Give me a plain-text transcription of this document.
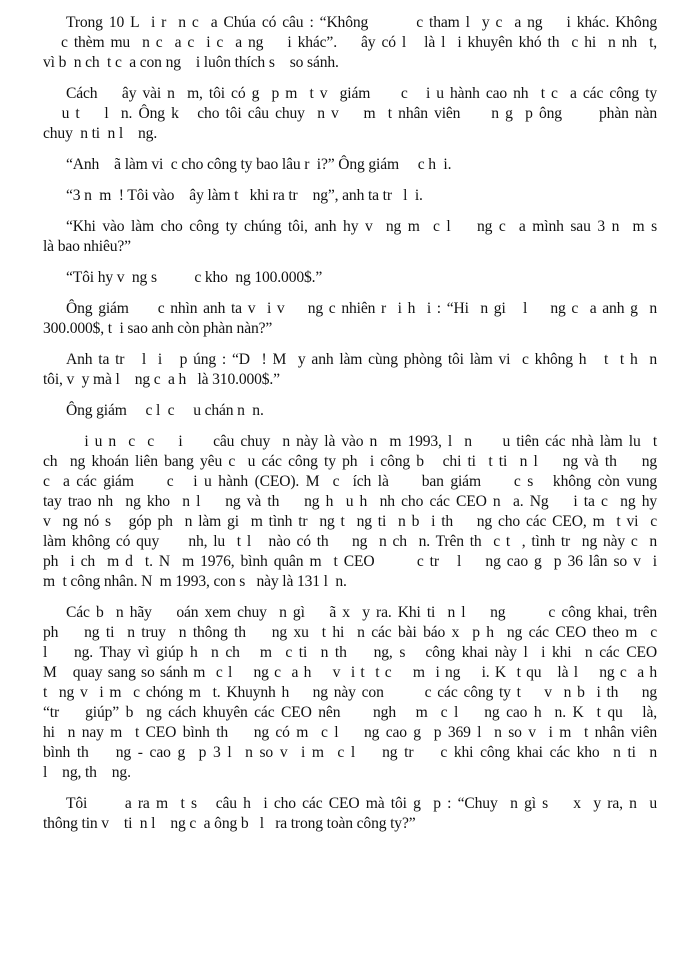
Trong 10 L  i r  n c  a Chúa có câu : “Không        c tham l  y c  a ng    i khác. Không
c thèm mu  n c  a c  i c  a ng    i khác”.    ây có l   là l  i khuyên khó th  c hi  n nh  t,
vì b  n ch  t c  a con ng    i luôn thích s    so sánh.
Cách    ây vài n  m, tôi có g  p m  t v  giám     c   i u hành cao nh  t c  a các công ty
u t    l  n. Ông k   cho tôi câu chuy  n v    m  t nhân viên     n g  p ông      phàn nàn
chuy  n ti  n l    ng.
“Anh    ã làm vi  c cho công ty bao lâu r  i?” Ông giám     c h  i.
“3 n  m  ! Tôi vào    ây làm t   khi ra tr    ng”, anh ta tr   l  i.
“Khi vào làm cho công ty chúng tôi, anh hy v  ng m  c l    ng c  a mình sau 3 n  m s
là bao nhiêu?”
“Tôi hy v  ng s          c kho  ng 100.000$.”
Ông giám     c nhìn anh ta v  i v    ng c nhiên r  i h  i : “Hi  n gi   l    ng c  a anh g  n
300.000$, t  i sao anh còn phàn nàn?”
Anh ta tr   l  i   p úng : “D  ! M  y anh làm cùng phòng tôi làm vi  c không h   t  t h  n
tôi, v  y mà l    ng c  a h   là 310.000$.”
Ông giám     c l  c     u chán n  n.
i u n  c  c    i     câu chuy  n này là vào n  m 1993, l  n     u tiên các nhà làm lu  t
ch  ng khoán liên bang yêu c  u các công ty ph  i công b   chi ti  t ti  n l    ng và th    ng
c  a các giám     c   i u hành (CEO). M  c  ích là     ban giám     c s   không còn vung
tay trao nh  ng kho  n l    ng và th    ng h  u h  nh cho các CEO n  a. Ng    i ta c  ng hy
v  ng nó s   góp ph  n làm gi  m tình tr  ng t  ng ti  n b  i th    ng cho các CEO, m  t vi  c
làm không có quy     nh, lu  t l   nào có th    ng  n ch  n. Trên th  c t  , tình tr  ng này c  n
ph  i ch  m d  t. N  m 1976, bình quân m  t CEO       c tr   l    ng cao g  p 36 lân so v  i
m  t công nhân. N  m 1993, con s   này là 131 l  n.
Các b  n hãy    oán xem chuy  n gì    ã x  y ra. Khi ti  n l    ng       c công khai, trên
ph    ng ti  n truy  n thông th    ng xu  t hi  n các bài báo x  p h  ng các CEO theo m  c
l    ng. Thay vì giúp h  n ch   m  c ti  n th    ng, s   công khai này l  i khi  n các CEO
M   quay sang so sánh m  c l    ng c  a h    v  i t  t c    m  i ng    i. K  t qu   là l    ng c  a h
t  ng v  i m  c chóng m  t. Khuynh h    ng này con       c các công ty t    v  n b  i th    ng
“tr    giúp” b  ng cách khuyên các CEO nên     ngh   m  c l    ng cao h  n. K  t qu   là,
hi  n nay m  t CEO bình th    ng có m  c l    ng cao g  p 369 l  n so v  i m  t nhân viên
bình th    ng - cao g  p 3 l  n so v  i m  c l    ng tr    c khi công khai các kho  n ti  n
l    ng, th    ng.
Tôi      a ra m  t s   câu h  i cho các CEO mà tôi g  p : “Chuy  n gì s    x  y ra, n  u
thông tin v    ti  n l    ng c  a ông b   l   ra trong toàn công ty?”
